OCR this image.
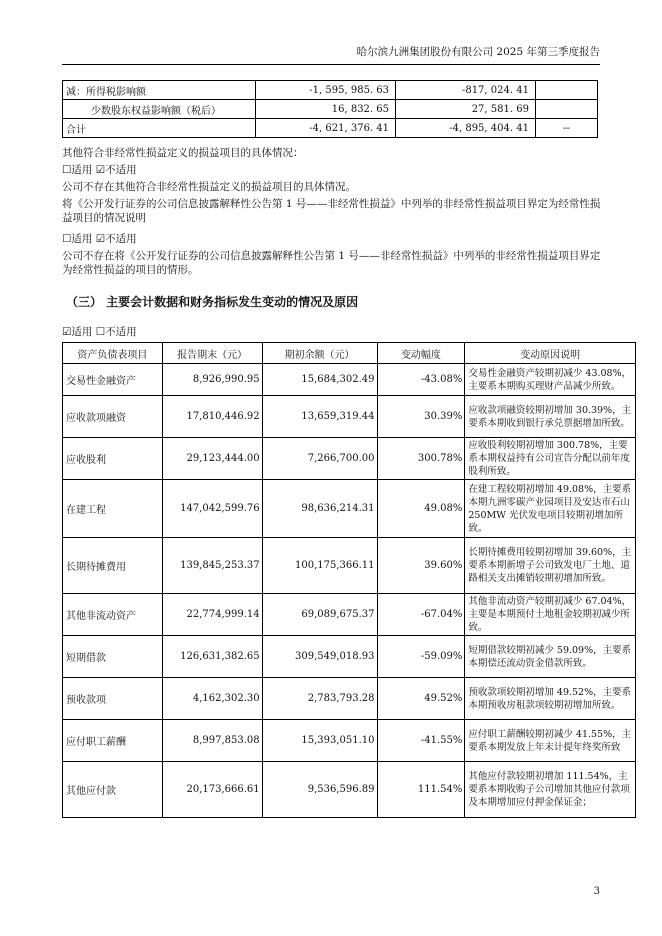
哈尔滨九洲集团股份有限公司 2025 年第三季度报告
减：所得税影响额	-1, 595, 985. 63	-817, 024. 41	
少数股东权益影响额（税后）	16, 832. 65	27, 581. 69	
合计	-4, 621, 376. 41	-4, 895, 404. 41	--
其他符合非经常性损益定义的损益项目的具体情况：
☐适用 ☑不适用
公司不存在其他符合非经常性损益定义的损益项目的具体情况。
将《公开发行证券的公司信息披露解释性公告第 1 号——非经常性损益》中列举的非经常性损益项目界定为经常性损益项目的情况说明
☐适用 ☑不适用
公司不存在将《公开发行证券的公司信息披露解释性公告第 1 号——非经常性损益》中列举的非经常性损益项目界定为经常性损益的项目的情形。
（三） 主要会计数据和财务指标发生变动的情况及原因
☑适用 ☐不适用
资产负债表项目	报告期末（元）	期初余额（元）	变动幅度	变动原因说明
交易性金融资产	8,926,990.95	15,684,302.49	-43.08%	交易性金融资产较期初减少 43.08%，主要系本期购买理财产品减少所致。
应收款项融资	17,810,446.92	13,659,319.44	30.39%	应收款项融资较期初增加 30.39%，主要系本期收到银行承兑票据增加所致。
应收股利	29,123,444.00	7,266,700.00	300.78%	应收股利较期初增加 300.78%，主要系本期权益持有公司宣告分配以前年度股利所致。
在建工程	147,042,599.76	98,636,214.31	49.08%	在建工程较期初增加 49.08%，主要系本期九洲零碳产业园项目及安达市石山 250MW 光伏发电项目较期初增加所致。
长期待摊费用	139,845,253.37	100,175,366.11	39.60%	长期待摊费用较期初增加 39.60%，主要系本期新增子公司致发电厂土地、道路相关支出摊销较期初增加所致。
其他非流动资产	22,774,999.14	69,089,675.37	-67.04%	其他非流动资产较期初减少 67.04%，主要是本期预付土地租金较期初减少所致。
短期借款	126,631,382.65	309,549,018.93	-59.09%	短期借款较期初减少 59.09%，主要系本期偿还流动资金借款所致。
预收款项	4,162,302.30	2,783,793.28	49.52%	预收款项较期初增加 49.52%，主要系本期预收房租款项较期初增加所致。
应付职工薪酬	8,997,853.08	15,393,051.10	-41.55%	应付职工薪酬较期初减少 41.55%，主要系本期发放上年末计提年终奖所致
其他应付款	20,173,666.61	9,536,596.89	111.54%	其他应付款较期初增加 111.54%，主要系本期收购子公司增加其他应付款项及本期增加应付押金保证金；
3
